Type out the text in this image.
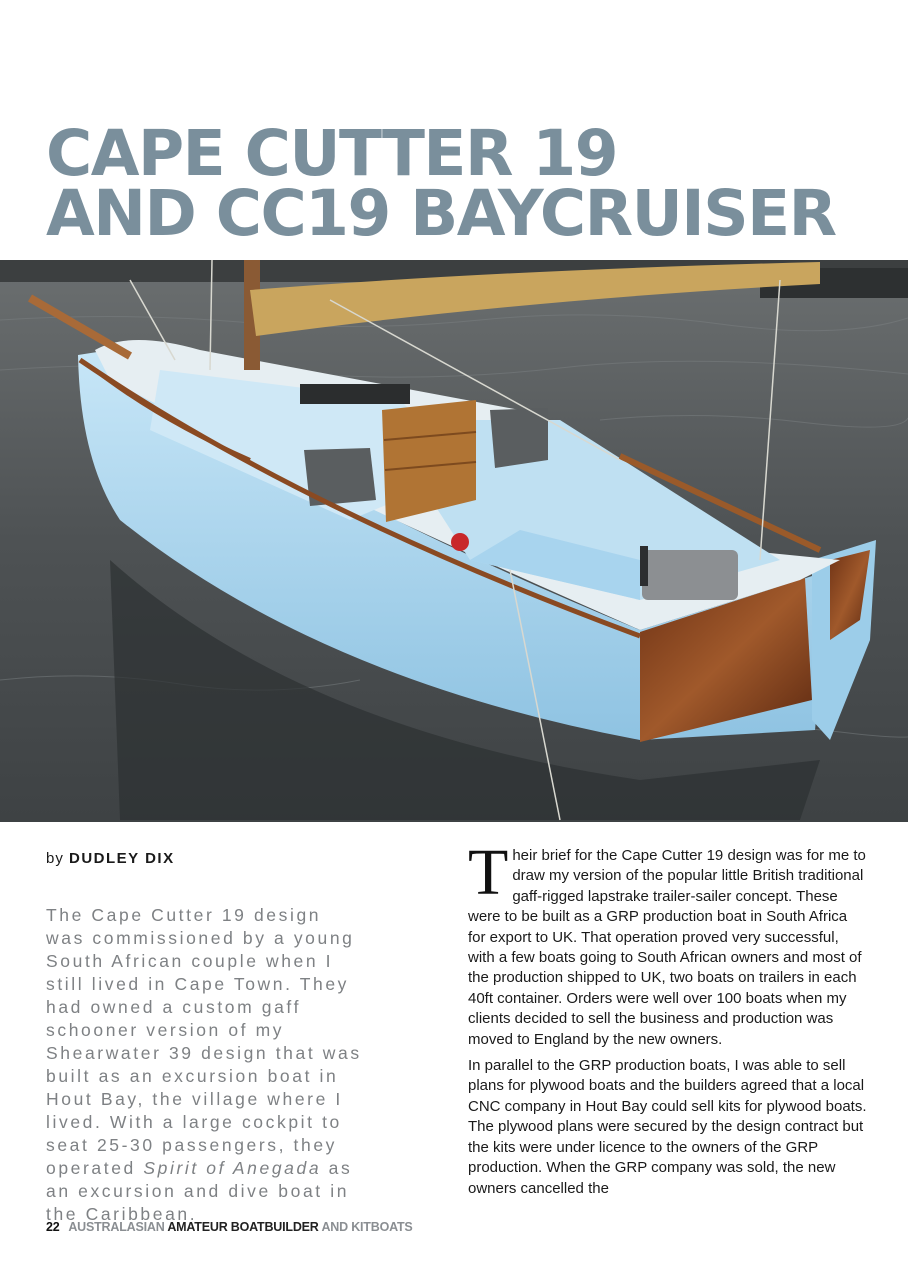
CAPE CUTTER 19
AND CC19 BAYCRUISER
by DUDLEY DIX
The Cape Cutter 19 design was commissioned by a young South African couple when I still lived in Cape Town. They had owned a custom gaff schooner version of my Shearwater 39 design that was built as an excursion boat in Hout Bay, the village where I lived. With a large cockpit to seat 25-30 passengers, they operated Spirit of Anegada as an excursion and dive boat in the Caribbean.

Their brief for the Cape Cutter 19 design was for me to draw my version of the popular little British traditional gaff-rigged lapstrake trailer-sailer concept. These were to be built as a GRP production boat in South Africa for export to UK. That operation proved very successful, with a few boats going to South African owners and most of the production shipped to UK, two boats on trailers in each 40ft container. Orders were well over 100 boats when my clients decided to sell the business and production was moved to England by the new owners.

In parallel to the GRP production boats, I was able to sell plans for plywood boats and the builders agreed that a local CNC company in Hout Bay could sell kits for plywood boats. The plywood plans were secured by the design contract but the kits were under licence to the owners of the GRP production. When the GRP company was sold, the new owners cancelled the

22 AUSTRALASIAN AMATEUR BOATBUILDER AND KITBOATS
